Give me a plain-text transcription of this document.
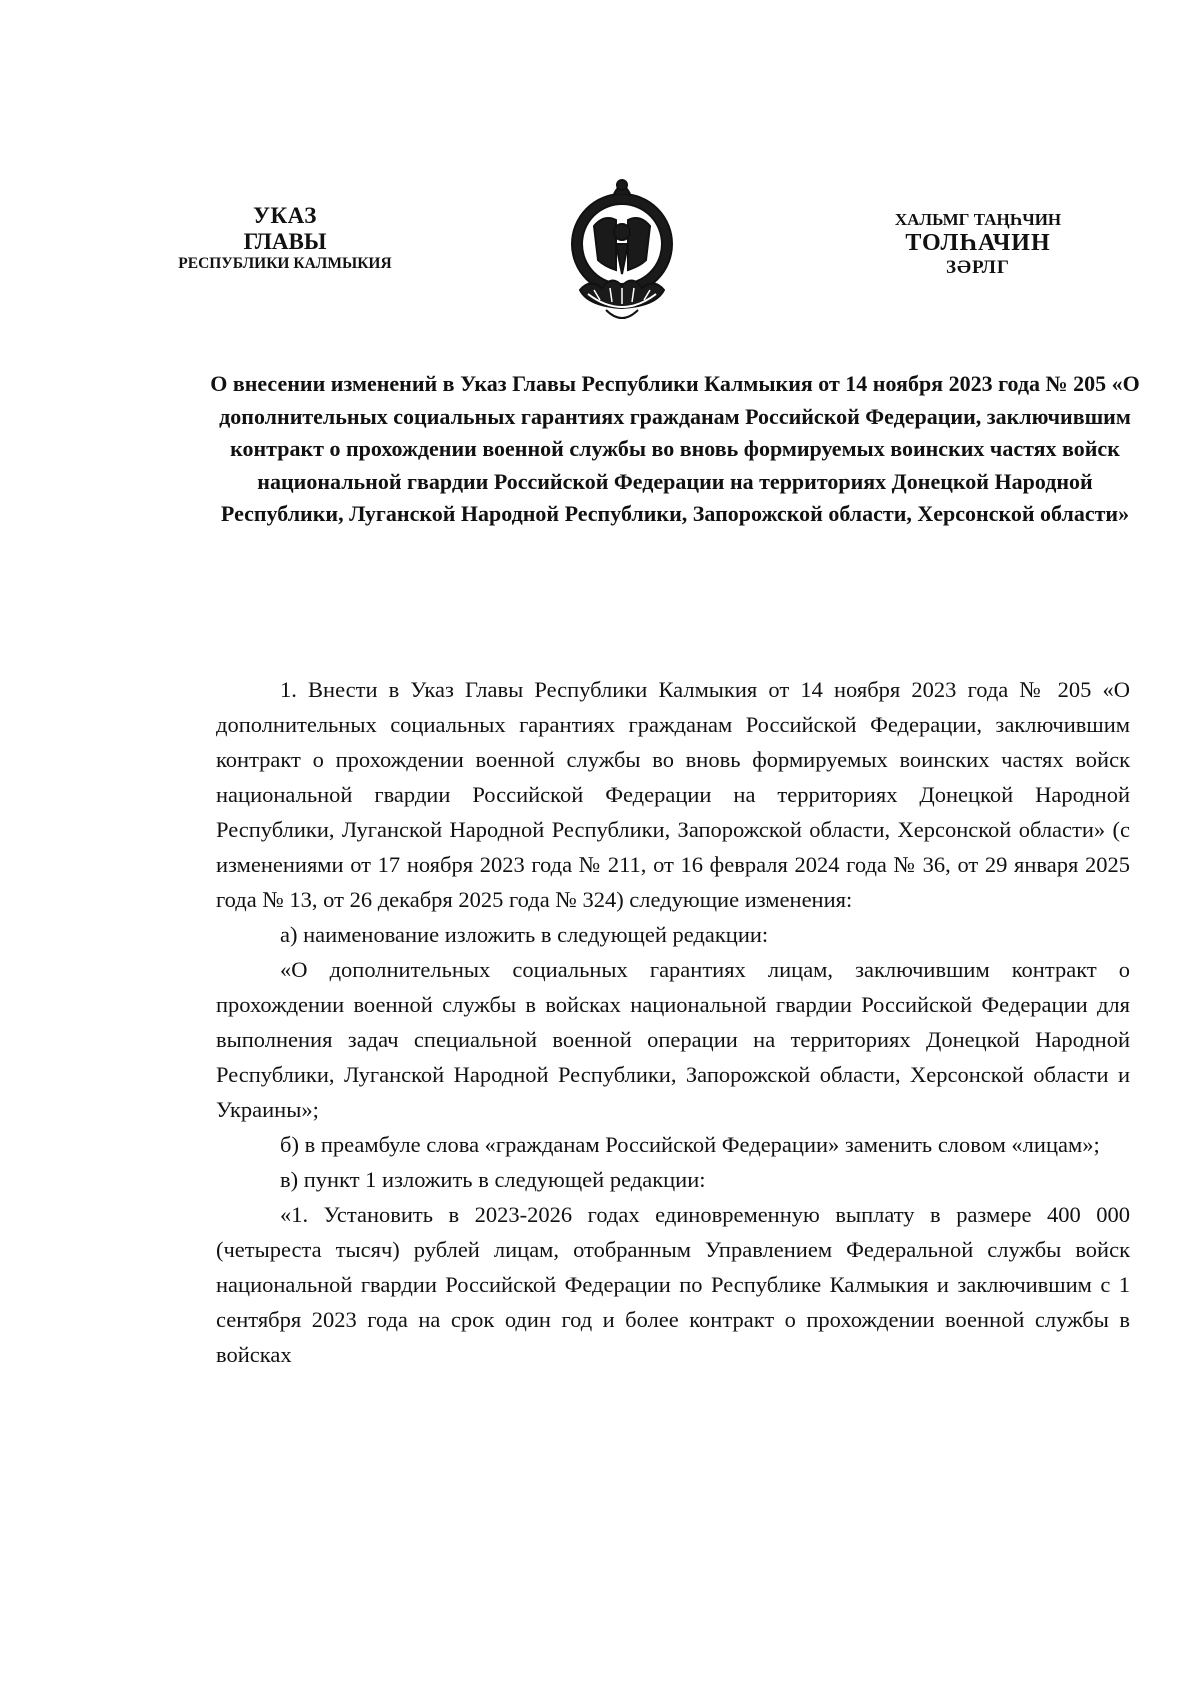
УКАЗ
ГЛАВЫ
РЕСПУБЛИКИ КАЛМЫКИЯ
ХАЛЬМГ ТАҢҺЧИН
ТОЛҺАЧИН
ЗӘРЛГ
О внесении изменений в Указ Главы Республики Калмыкия от 14 ноября 2023 года № 205 «О дополнительных социальных гарантиях гражданам Российской Федерации, заключившим контракт о прохождении военной службы во вновь формируемых воинских частях войск национальной гвардии Российской Федерации на территориях Донецкой Народной Республики, Луганской Народной Республики, Запорожской области, Херсонской области»

1. Внести в Указ Главы Республики Калмыкия от 14 ноября 2023 года № 205 «О дополнительных социальных гарантиях гражданам Российской Федерации, заключившим контракт о прохождении военной службы во вновь формируемых воинских частях войск национальной гвардии Российской Федерации на территориях Донецкой Народной Республики, Луганской Народной Республики, Запорожской области, Херсонской области» (с изменениями от 17 ноября 2023 года № 211, от 16 февраля 2024 года № 36, от 29 января 2025 года № 13, от 26 декабря 2025 года № 324) следующие изменения:

а) наименование изложить в следующей редакции:

«О дополнительных социальных гарантиях лицам, заключившим контракт о прохождении военной службы в войсках национальной гвардии Российской Федерации для выполнения задач специальной военной операции на территориях Донецкой Народной Республики, Луганской Народной Республики, Запорожской области, Херсонской области и Украины»;

б) в преамбуле слова «гражданам Российской Федерации» заменить словом «лицам»;

в) пункт 1 изложить в следующей редакции:

«1. Установить в 2023-2026 годах единовременную выплату в размере 400 000 (четыреста тысяч) рублей лицам, отобранным Управлением Федеральной службы войск национальной гвардии Российской Федерации по Республике Калмыкия и заключившим с 1 сентября 2023 года на срок один год и более контракт о прохождении военной службы в войсках
